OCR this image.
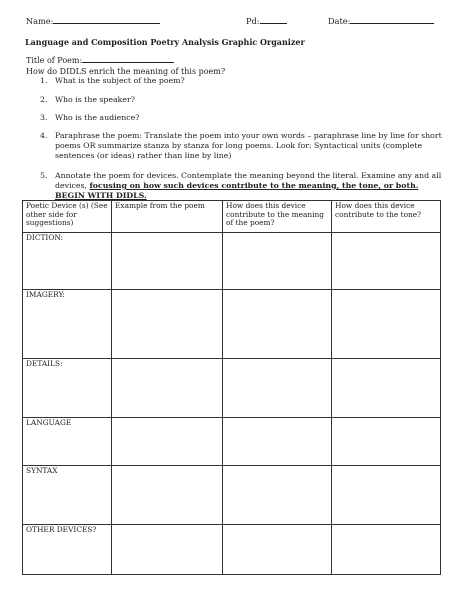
Name:	Pd:	Date:
Language and Composition Poetry Analysis Graphic Organizer
Title of Poem:
How do DIDLS enrich the meaning of this poem?
1. What is the subject of the poem?
2. Who is the speaker?
3. Who is the audience?
4. Paraphrase the poem: Translate the poem into your own words – paraphrase line by line for short poems OR summarize stanza by stanza for long poems. Look for: Syntactical units (complete sentences (or ideas) rather than line by line)
5. Annotate the poem for devices. Contemplate the meaning beyond the literal. Examine any and all devices, focusing on how such devices contribute to the meaning, the tone, or both. BEGIN WITH DIDLS.
Poetic Device (s) (See other side for suggestions)	Example from the poem	How does this device contribute to the meaning of the poem?	How does this device contribute to the tone?
DICTION:			
IMAGERY:			
DETAILS:			
LANGUAGE			
SYNTAX			
OTHER DEVICES?			
